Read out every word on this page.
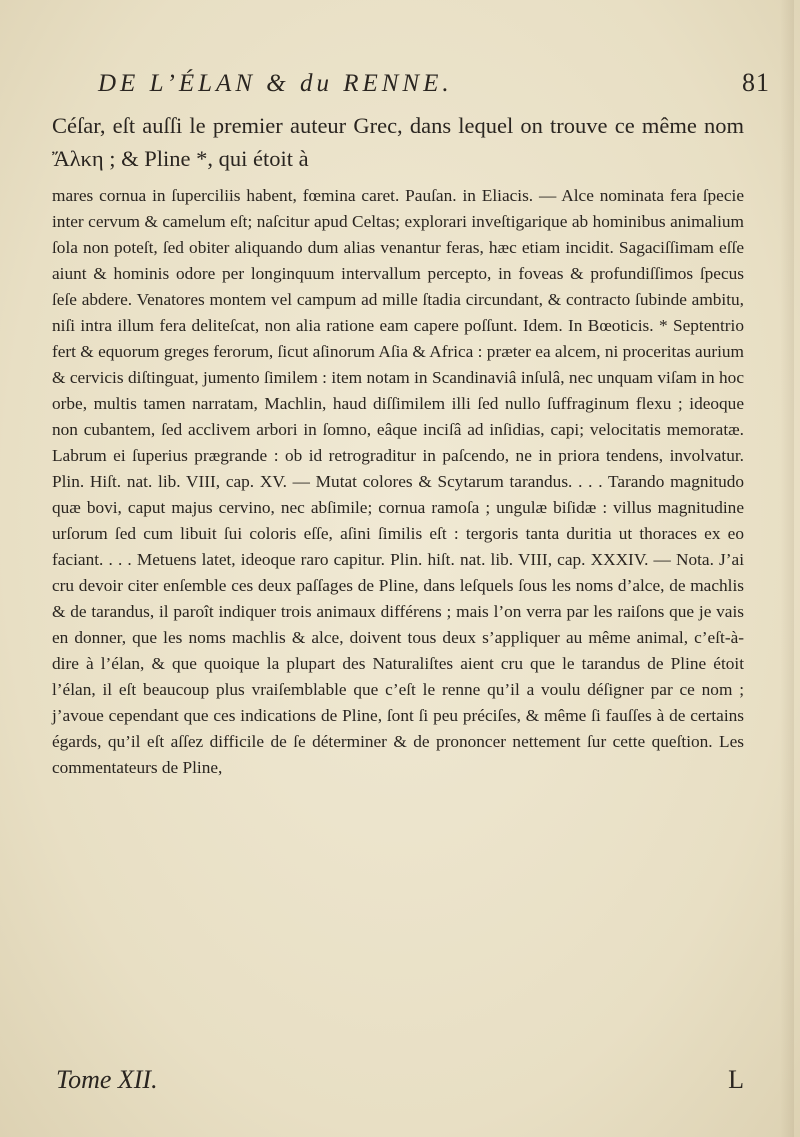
DE L’ÉLAN & du RENNE.	81

Céſar, eſt auſſi le premier auteur Grec, dans lequel on trouve ce même nom Ἄλκη ; & Pline *, qui étoit à

mares cornua in ſuperciliis habent, fœmina caret. Pauſan. in Eliacis. — Alce nominata fera ſpecie inter cervum & camelum eſt; naſcitur apud Celtas; explorari inveſtigarique ab hominibus animalium ſola non poteſt, ſed obiter aliquando dum alias venantur feras, hæc etiam incidit. Sagaciſſimam eſſe aiunt & hominis odore per longinquum intervallum percepto, in foveas & profundiſſimos ſpecus ſeſe abdere. Venatores montem vel campum ad mille ſtadia circundant, & contracto ſubinde ambitu, niſi intra illum fera deliteſcat, non alia ratione eam capere poſſunt. Idem. In Bœoticis. * Septentrio fert & equorum greges ferorum, ſicut aſinorum Aſia & Africa : præter ea alcem, ni proceritas aurium & cervicis diſtinguat, jumento ſimilem : item notam in Scandinaviâ inſulâ, nec unquam viſam in hoc orbe, multis tamen narratam, Machlin, haud diſſimilem illi ſed nullo ſuffraginum flexu ; ideoque non cubantem, ſed acclivem arbori in ſomno, eâque inciſâ ad inſidias, capi; velocitatis memoratæ. Labrum ei ſuperius prægrande : ob id retrograditur in paſcendo, ne in priora tendens, involvatur. Plin. Hiſt. nat. lib. VIII, cap. XV. — Mutat colores & Scytarum tarandus. . . . Tarando magnitudo quæ bovi, caput majus cervino, nec abſimile; cornua ramoſa ; ungulæ biſidæ : villus magnitudine urſorum ſed cum libuit ſui coloris eſſe, aſini ſimilis eſt : tergoris tanta duritia ut thoraces ex eo faciant. . . . Metuens latet, ideoque raro capitur. Plin. hiſt. nat. lib. VIII, cap. XXXIV. — Nota. J’ai cru devoir citer enſemble ces deux paſſages de Pline, dans leſquels ſous les noms d’alce, de machlis & de tarandus, il paroît indiquer trois animaux différens ; mais l’on verra par les raiſons que je vais en donner, que les noms machlis & alce, doivent tous deux s’appliquer au même animal, c’eſt-à-dire à l’élan, & que quoique la plupart des Naturaliſtes aient cru que le tarandus de Pline étoit l’élan, il eſt beaucoup plus vraiſemblable que c’eſt le renne qu’il a voulu déſigner par ce nom ; j’avoue cependant que ces indications de Pline, ſont ſi peu préciſes, & même ſi fauſſes à de certains égards, qu’il eſt aſſez difficile de ſe déterminer & de prononcer nettement ſur cette queſtion. Les commentateurs de Pline,

Tome XII.	L
